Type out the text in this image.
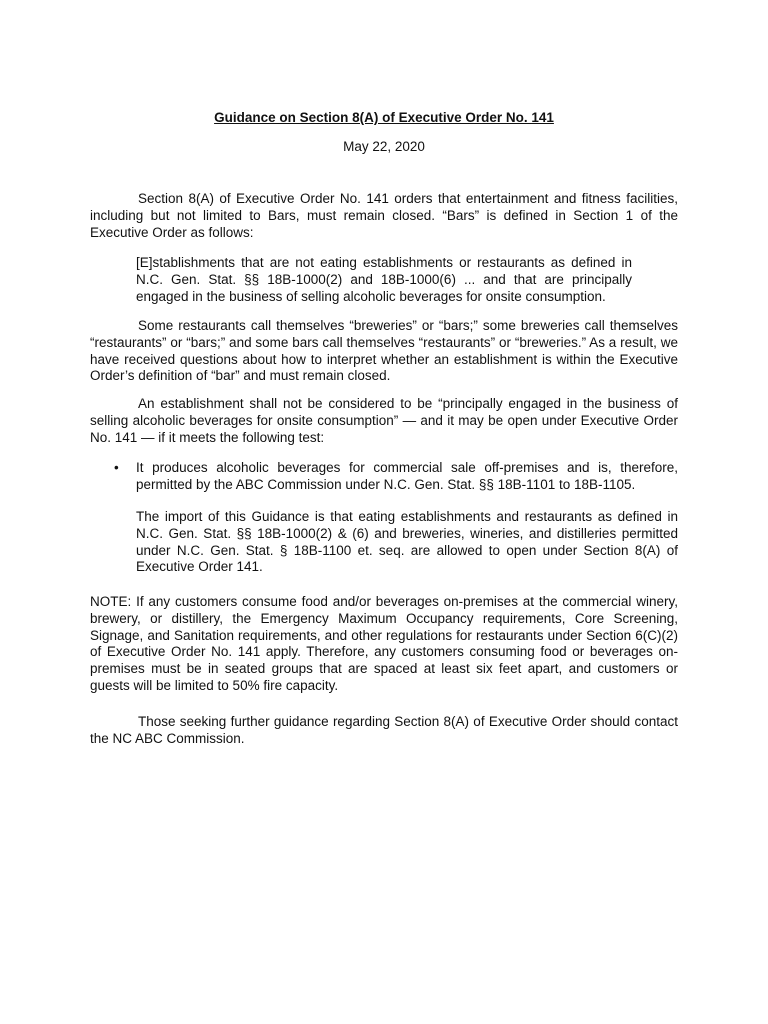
Guidance on Section 8(A) of Executive Order No. 141
May 22, 2020

Section 8(A) of Executive Order No. 141 orders that entertainment and fitness facilities, including but not limited to Bars, must remain closed. “Bars” is defined in Section 1 of the Executive Order as follows:

[E]stablishments that are not eating establishments or restaurants as defined in N.C. Gen. Stat. §§ 18B-1000(2) and 18B-1000(6) ... and that are principally engaged in the business of selling alcoholic beverages for onsite consumption.

Some restaurants call themselves “breweries” or “bars;” some breweries call themselves “restaurants” or “bars;” and some bars call themselves “restaurants” or “breweries.” As a result, we have received questions about how to interpret whether an establishment is within the Executive Order’s definition of “bar” and must remain closed.

An establishment shall not be considered to be “principally engaged in the business of selling alcoholic beverages for onsite consumption” — and it may be open under Executive Order No. 141 — if it meets the following test:

• It produces alcoholic beverages for commercial sale off-premises and is, therefore, permitted by the ABC Commission under N.C. Gen. Stat. §§ 18B-1101 to 18B-1105.

The import of this Guidance is that eating establishments and restaurants as defined in N.C. Gen. Stat. §§ 18B-1000(2) & (6) and breweries, wineries, and distilleries permitted under N.C. Gen. Stat. § 18B-1100 et. seq. are allowed to open under Section 8(A) of Executive Order 141.

NOTE: If any customers consume food and/or beverages on-premises at the commercial winery, brewery, or distillery, the Emergency Maximum Occupancy requirements, Core Screening, Signage, and Sanitation requirements, and other regulations for restaurants under Section 6(C)(2) of Executive Order No. 141 apply. Therefore, any customers consuming food or beverages on-premises must be in seated groups that are spaced at least six feet apart, and customers or guests will be limited to 50% fire capacity.

Those seeking further guidance regarding Section 8(A) of Executive Order should contact the NC ABC Commission.
